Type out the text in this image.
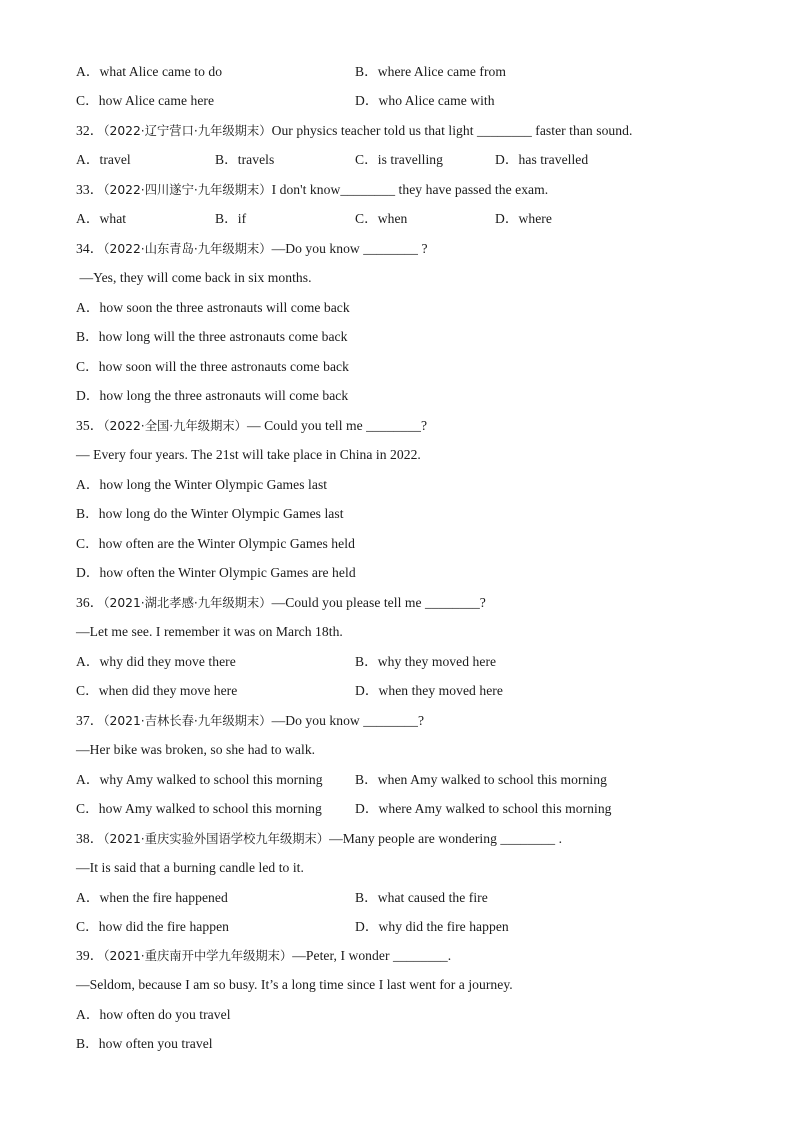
A．what Alice came to do	B．where Alice came from
C．how Alice came here	D．who Alice came with
32．（2022·辽宁营口·九年级期末）Our physics teacher told us that light ________ faster than sound.
A．travel	B．travels	C．is travelling	D．has travelled
33．（2022·四川遂宁·九年级期末）I don't know________ they have passed the exam.
A．what	B．if	C．when	D．where
34．（2022·山东青岛·九年级期末）—Do you know ________ ?
—Yes, they will come back in six months.
A．how soon the three astronauts will come back
B．how long will the three astronauts come back
C．how soon will the three astronauts come back
D．how long the three astronauts will come back
35．（2022·全国·九年级期末）— Could you tell me ________?
— Every four years. The 21st will take place in China in 2022.
A．how long the Winter Olympic Games last
B．how long do the Winter Olympic Games last
C．how often are the Winter Olympic Games held
D．how often the Winter Olympic Games are held
36．（2021·湖北孝感·九年级期末）—Could you please tell me ________?
—Let me see. I remember it was on March 18th.
A．why did they move there	B．why they moved here
C．when did they move here	D．when they moved here
37．（2021·吉林长春·九年级期末）—Do you know ________?
—Her bike was broken, so she had to walk.
A．why Amy walked to school this morning B．when Amy walked to school this morning
C．how Amy walked to school this morning D．where Amy walked to school this morning
38．（2021·重庆实验外国语学校九年级期末）—Many people are wondering ________ .
—It is said that a burning candle led to it.
A．when the fire happened	B．what caused the fire
C．how did the fire happen	D．why did the fire happen
39．（2021·重庆南开中学九年级期末）—Peter, I wonder ________.
—Seldom, because I am so busy. It’s a long time since I last went for a journey.
A．how often do you travel
B．how often you travel
